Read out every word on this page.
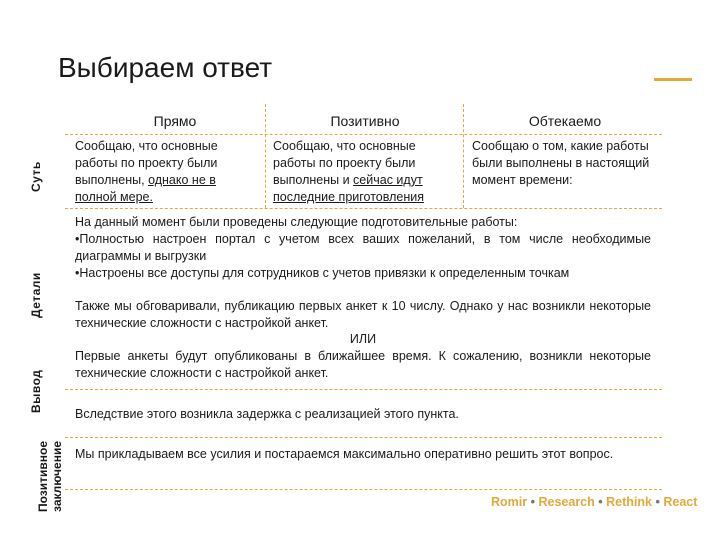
Выбираем ответ
Прямо	Позитивно	Обтекаемо
Суть
Детали
Вывод
Позитивное заключение
Сообщаю, что основные работы по проекту были выполнены, однако не в полной мере.
Сообщаю, что основные работы по проекту были выполнены и сейчас идут последние приготовления
Сообщаю о том, какие работы были выполнены в настоящий момент времени:
На данный момент были проведены следующие подготовительные работы:
•Полностью настроен портал с учетом всех ваших пожеланий, в том числе необходимые диаграммы и выгрузки
•Настроены все доступы для сотрудников с учетов привязки к определенным точкам
Также мы обговаривали, публикацию первых анкет к 10 числу. Однако у нас возникли некоторые технические сложности с настройкой анкет.
ИЛИ
Первые анкеты будут опубликованы в ближайшее время. К сожалению, возникли некоторые технические сложности с настройкой анкет.
Вследствие этого возникла задержка с реализацией этого пункта.
Мы прикладываем все усилия и постараемся максимально оперативно решить этот вопрос.
Romir • Research • Rethink • React
